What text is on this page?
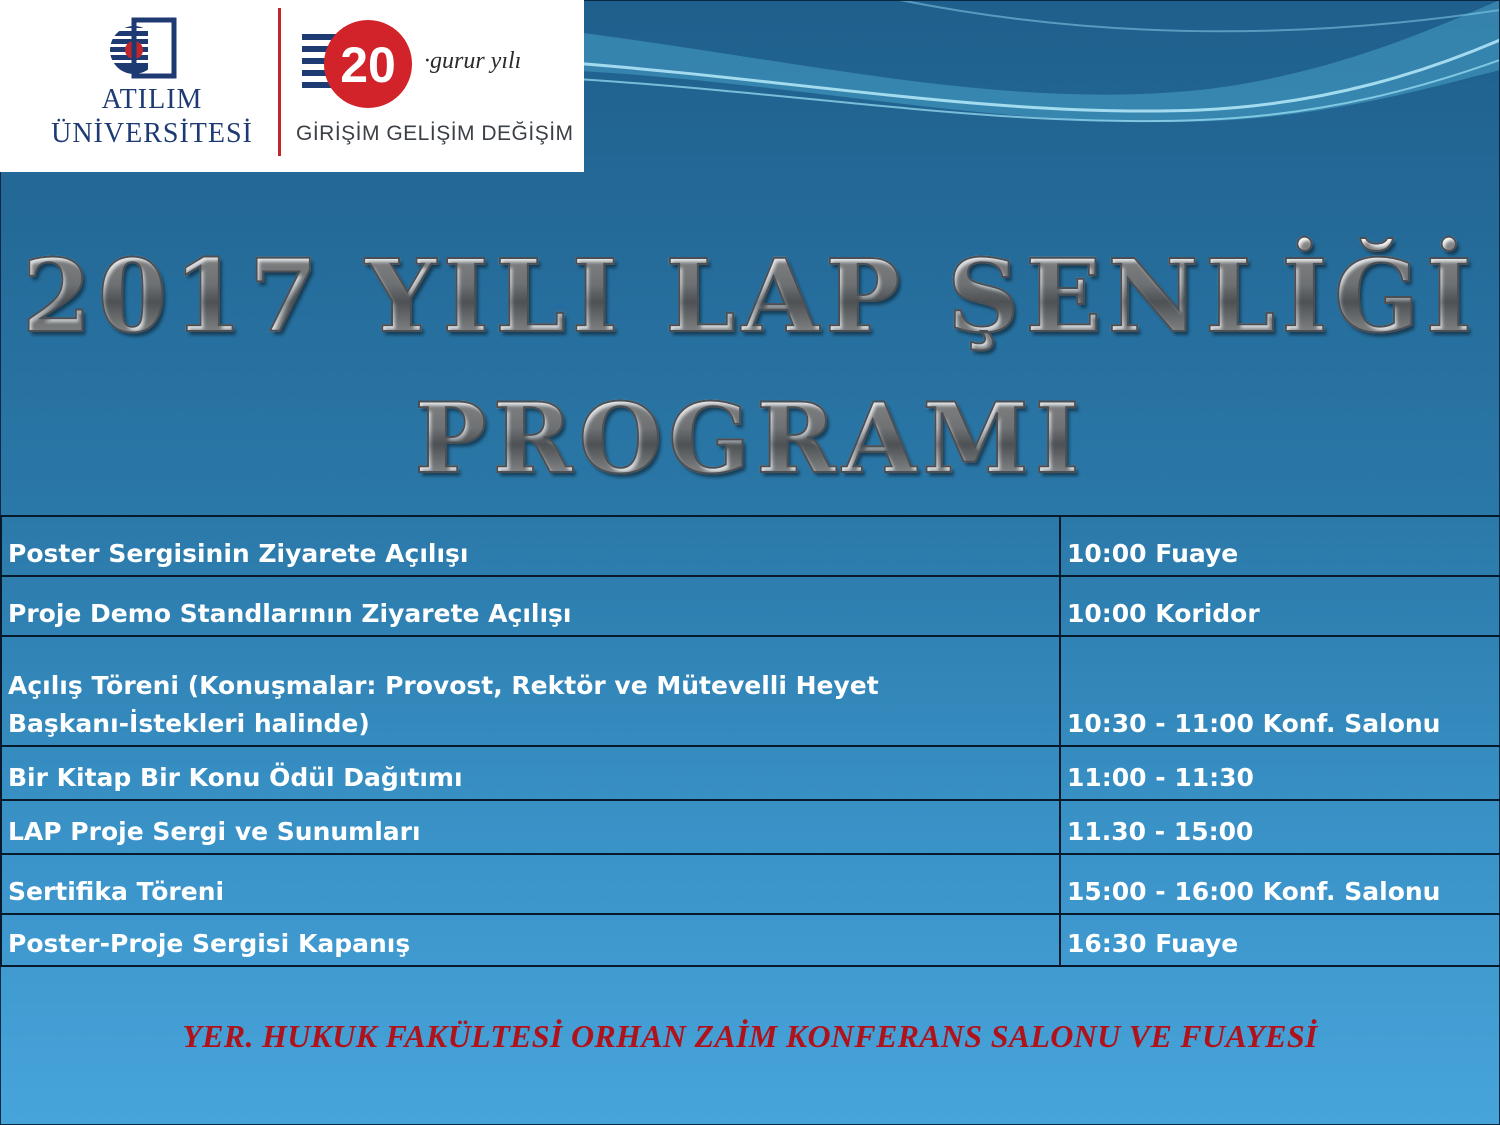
ATILIM
ÜNİVERSİTESİ
20 ·gurur yılı
GİRİŞİM GELİŞİM DEĞİŞİM
2017 YILI LAP ŞENLİĞİ
PROGRAMI
Poster Sergisinin Ziyarete Açılışı	10:00 Fuaye
Proje Demo Standlarının Ziyarete Açılışı	10:00 Koridor

Açılış Töreni (Konuşmalar: Provost, Rektör ve Mütevelli Heyet
Başkanı-İstekleri halinde)	10:30 - 11:00 Konf. Salonu
Bir Kitap Bir Konu Ödül Dağıtımı	11:00 - 11:30
LAP Proje Sergi ve Sunumları	11.30 - 15:00
Sertifika Töreni	15:00 - 16:00 Konf. Salonu
Poster-Proje Sergisi Kapanış	16:30 Fuaye
YER. HUKUK FAKÜLTESİ ORHAN ZAİM KONFERANS SALONU VE FUAYESİ
